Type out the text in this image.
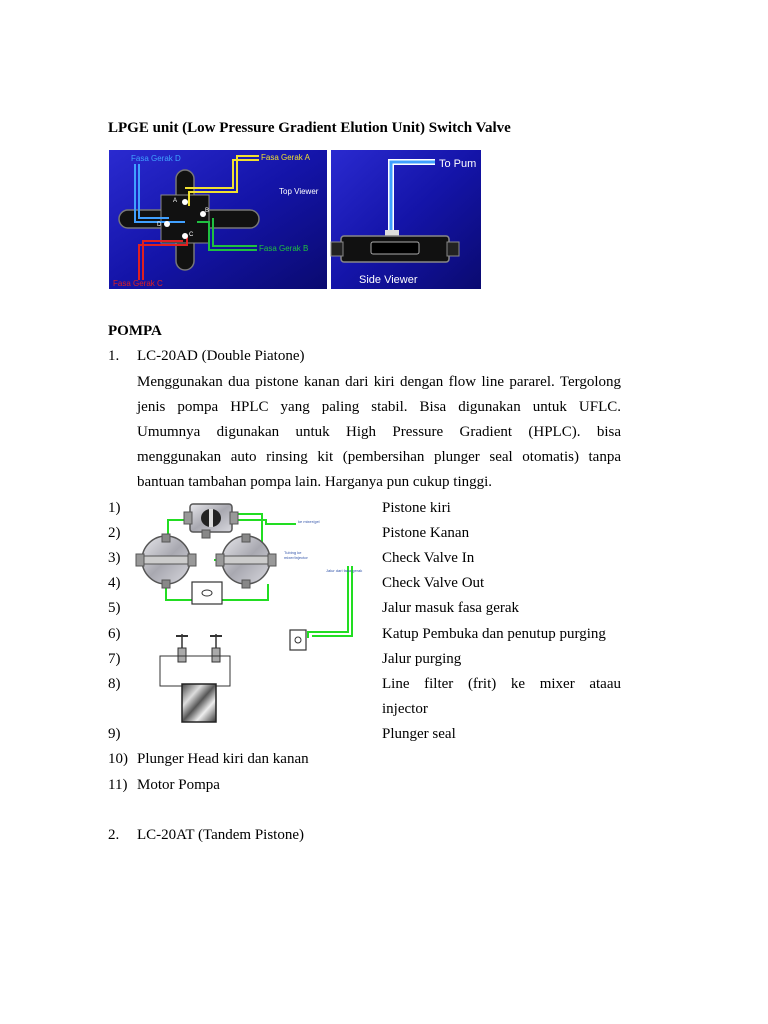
LPGE unit (Low Pressure Gradient Elution Unit) Switch Valve
Fasa Gerak D	Fasa Gerak A
Top Viewer
Fasa Gerak B
Fasa Gerak C
A
B
C
D
To Pum
Side Viewer
POMPA
1. LC-20AD (Double Piatone)
Menggunakan dua pistone kanan dari kiri dengan flow line pararel. Tergolong
jenis pompa HPLC yang paling stabil. Bisa digunakan untuk UFLC.
Umumnya digunakan untuk High Pressure Gradient (HPLC). bisa
menggunakan auto rinsing kit (pembersihan plunger seal otomatis) tanpa
bantuan tambahan pompa lain. Harganya pun cukup tinggi.
1)
2)
3)
4)
5)
6)
7)
8)
9)
10)
11)
Pistone kiri
Pistone Kanan
Check Valve In
Check Valve Out
Jalur masuk fasa gerak
Katup Pembuka dan penutup purging
Jalur purging
Line filter (frit) ke mixer ataau
injector
Plunger seal
Plunger Head kiri dan kanan
Motor Pompa
ke mixer/gel
Tubing ke
mixer/injector
Jalur dari fasa gerak
2. LC-20AT (Tandem Pistone)
